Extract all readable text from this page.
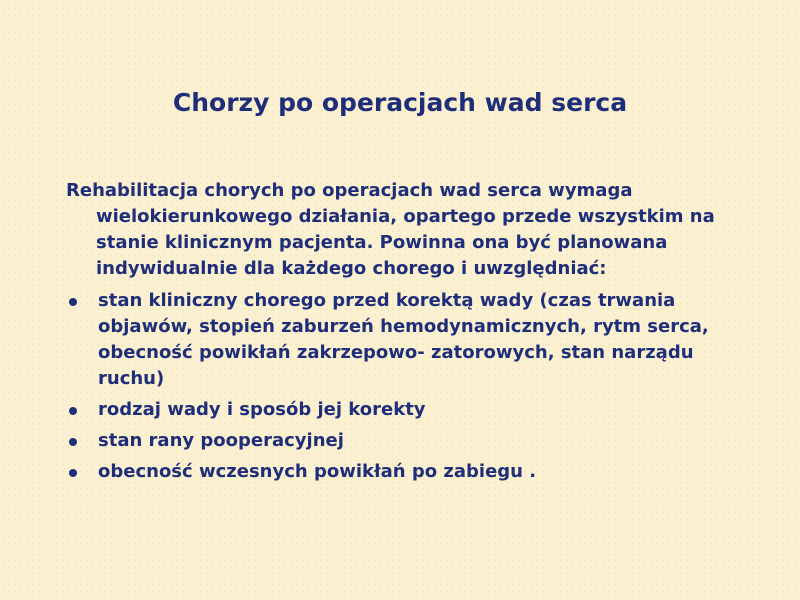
Chorzy po operacjach wad serca

Rehabilitacja chorych po operacjach wad serca wymaga wielokierunkowego działania, opartego przede wszystkim na stanie klinicznym pacjenta. Powinna ona być planowana indywidualnie dla każdego chorego i uwzględniać:

stan kliniczny chorego przed korektą wady (czas trwania objawów, stopień zaburzeń hemodynamicznych, rytm serca, obecność powikłań zakrzepowo- zatorowych, stan narządu ruchu)
rodzaj wady i sposób jej korekty
stan rany pooperacyjnej
obecność wczesnych powikłań po zabiegu .
